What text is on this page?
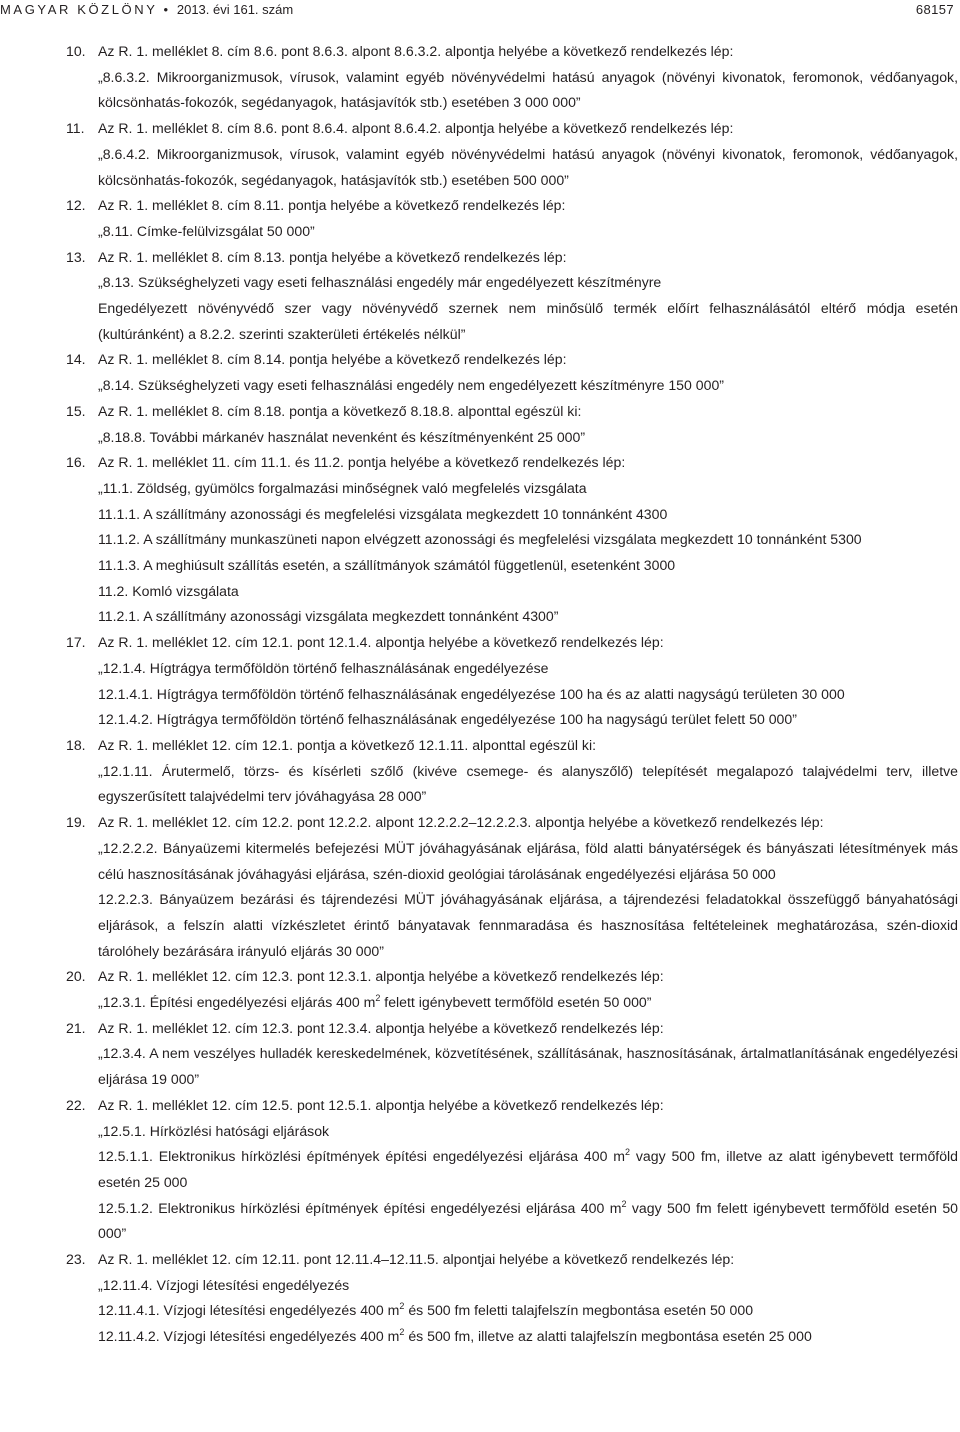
MAGYAR KÖZLÖNY • 2013. évi 161. szám	68157
10. Az R. 1. melléklet 8. cím 8.6. pont 8.6.3. alpont 8.6.3.2. alpontja helyébe a következő rendelkezés lép:

„8.6.3.2. Mikroorganizmusok, vírusok, valamint egyéb növényvédelmi hatású anyagok (növényi kivonatok, feromonok, védőanyagok, kölcsönhatás-fokozók, segédanyagok, hatásjavítók stb.) esetében 3 000 000”

11. Az R. 1. melléklet 8. cím 8.6. pont 8.6.4. alpont 8.6.4.2. alpontja helyébe a következő rendelkezés lép:

„8.6.4.2. Mikroorganizmusok, vírusok, valamint egyéb növényvédelmi hatású anyagok (növényi kivonatok, feromonok, védőanyagok, kölcsönhatás-fokozók, segédanyagok, hatásjavítók stb.) esetében 500 000”

12. Az R. 1. melléklet 8. cím 8.11. pontja helyébe a következő rendelkezés lép:

„8.11. Címke-felülvizsgálat 50 000”

13. Az R. 1. melléklet 8. cím 8.13. pontja helyébe a következő rendelkezés lép:

„8.13. Szükséghelyzeti vagy eseti felhasználási engedély már engedélyezett készítményre

Engedélyezett növényvédő szer vagy növényvédő szernek nem minősülő termék előírt felhasználásától eltérő módja esetén (kultúránként) a 8.2.2. szerinti szakterületi értékelés nélkül”

14. Az R. 1. melléklet 8. cím 8.14. pontja helyébe a következő rendelkezés lép:

„8.14. Szükséghelyzeti vagy eseti felhasználási engedély nem engedélyezett készítményre 150 000”

15. Az R. 1. melléklet 8. cím 8.18. pontja a következő 8.18.8. alponttal egészül ki:

„8.18.8. További márkanév használat nevenként és készítményenként 25 000”

16. Az R. 1. melléklet 11. cím 11.1. és 11.2. pontja helyébe a következő rendelkezés lép:

„11.1. Zöldség, gyümölcs forgalmazási minőségnek való megfelelés vizsgálata

11.1.1. A szállítmány azonossági és megfelelési vizsgálata megkezdett 10 tonnánként 4300

11.1.2. A szállítmány munkaszüneti napon elvégzett azonossági és megfelelési vizsgálata megkezdett 10 tonnánként 5300

11.1.3. A meghiúsult szállítás esetén, a szállítmányok számától függetlenül, esetenként 3000

11.2. Komló vizsgálata

11.2.1. A szállítmány azonossági vizsgálata megkezdett tonnánként 4300”

17. Az R. 1. melléklet 12. cím 12.1. pont 12.1.4. alpontja helyébe a következő rendelkezés lép:

„12.1.4. Hígtrágya termőföldön történő felhasználásának engedélyezése

12.1.4.1. Hígtrágya termőföldön történő felhasználásának engedélyezése 100 ha és az alatti nagyságú területen 30 000

12.1.4.2. Hígtrágya termőföldön történő felhasználásának engedélyezése 100 ha nagyságú terület felett 50 000”

18. Az R. 1. melléklet 12. cím 12.1. pontja a következő 12.1.11. alponttal egészül ki:

„12.1.11. Árutermelő, törzs- és kísérleti szőlő (kivéve csemege- és alanyszőlő) telepítését megalapozó talajvédelmi terv, illetve egyszerűsített talajvédelmi terv jóváhagyása 28 000”

19. Az R. 1. melléklet 12. cím 12.2. pont 12.2.2. alpont 12.2.2.2–12.2.2.3. alpontja helyébe a következő rendelkezés lép:

„12.2.2.2. Bányaüzemi kitermelés befejezési MÜT jóváhagyásának eljárása, föld alatti bányatérségek és bányászati létesítmények más célú hasznosításának jóváhagyási eljárása, szén-dioxid geológiai tárolásának engedélyezési eljárása 50 000

12.2.2.3. Bányaüzem bezárási és tájrendezési MÜT jóváhagyásának eljárása, a tájrendezési feladatokkal összefüggő bányahatósági eljárások, a felszín alatti vízkészletet érintő bányatavak fennmaradása és hasznosítása feltételeinek meghatározása, szén-dioxid tárolóhely bezárására irányuló eljárás 30 000”

20. Az R. 1. melléklet 12. cím 12.3. pont 12.3.1. alpontja helyébe a következő rendelkezés lép:

„12.3.1. Építési engedélyezési eljárás 400 $m^2$ felett igénybevett termőföld esetén 50 000”

21. Az R. 1. melléklet 12. cím 12.3. pont 12.3.4. alpontja helyébe a következő rendelkezés lép:

„12.3.4. A nem veszélyes hulladék kereskedelmének, közvetítésének, szállításának, hasznosításának, ártalmatlanításának engedélyezési eljárása 19 000”

22. Az R. 1. melléklet 12. cím 12.5. pont 12.5.1. alpontja helyébe a következő rendelkezés lép:

„12.5.1. Hírközlési hatósági eljárások

12.5.1.1. Elektronikus hírközlési építmények építési engedélyezési eljárása 400 $m^2$ vagy 500 fm, illetve az alatt igénybevett termőföld esetén 25 000

12.5.1.2. Elektronikus hírközlési építmények építési engedélyezési eljárása 400 $m^2$ vagy 500 fm felett igénybevett termőföld esetén 50 000”

23. Az R. 1. melléklet 12. cím 12.11. pont 12.11.4–12.11.5. alpontjai helyébe a következő rendelkezés lép:

„12.11.4. Vízjogi létesítési engedélyezés

12.11.4.1. Vízjogi létesítési engedélyezés 400 $m^2$ és 500 fm feletti talajfelszín megbontása esetén 50 000

12.11.4.2. Vízjogi létesítési engedélyezés 400 $m^2$ és 500 fm, illetve az alatti talajfelszín megbontása esetén 25 000
